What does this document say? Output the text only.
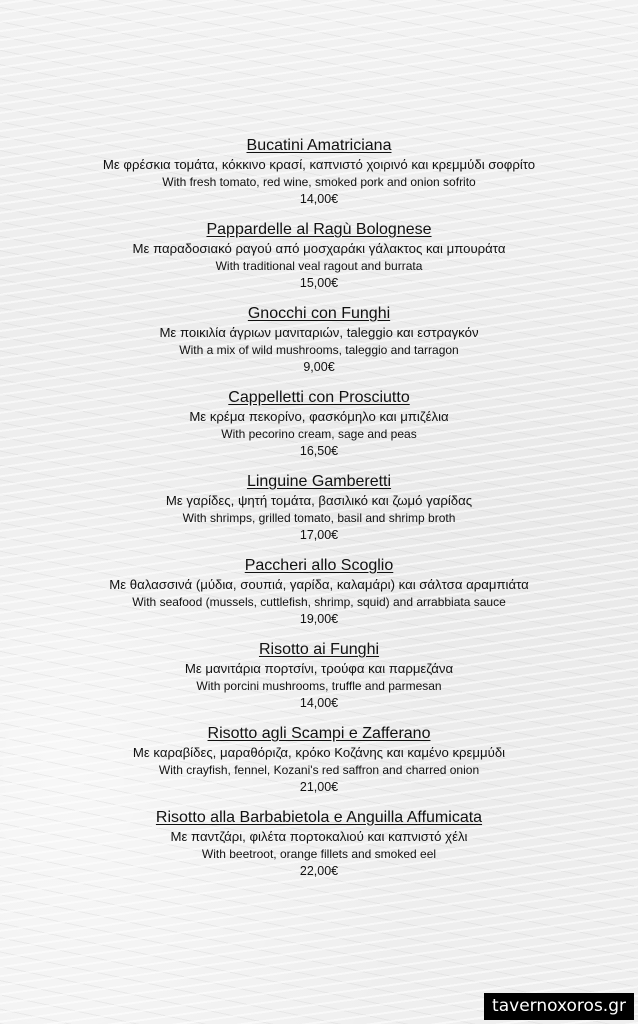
Bucatini Amatriciana
Με φρέσκια τομάτα, κόκκινο κρασί, καπνιστό χοιρινό και κρεμμύδι σοφρίτο
With fresh tomato, red wine, smoked pork and onion sofrito
14,00€
Pappardelle al Ragù Bolognese
Με παραδοσιακό ραγού από μοσχαράκι γάλακτος και μπουράτα
With traditional veal ragout and burrata
15,00€
Gnocchi con Funghi
Με ποικιλία άγριων μανιταριών, taleggio και εστραγκόν
With a mix of wild mushrooms, taleggio and tarragon
9,00€
Cappelletti con Prosciutto
Με κρέμα πεκορίνο, φασκόμηλο και μπιζέλια
With pecorino cream, sage and peas
16,50€
Linguine Gamberetti
Με γαρίδες, ψητή τομάτα, βασιλικό και ζωμό γαρίδας
With shrimps, grilled tomato, basil and shrimp broth
17,00€
Paccheri allo Scoglio
Με θαλασσινά (μύδια, σουπιά, γαρίδα, καλαμάρι) και σάλτσα αραμπιάτα
With seafood (mussels, cuttlefish, shrimp, squid) and arrabbiata sauce
19,00€
Risotto ai Funghi
Με μανιτάρια πορτσίνι, τρούφα και παρμεζάνα
With porcini mushrooms, truffle and parmesan
14,00€
Risotto agli Scampi e Zafferano
Με καραβίδες, μαραθόριζα, κρόκο Κοζάνης και καμένο κρεμμύδι
With crayfish, fennel, Kozani's red saffron and charred onion
21,00€
Risotto alla Barbabietola e Anguilla Affumicata
Με παντζάρι, φιλέτα πορτοκαλιού και καπνιστό χέλι
With beetroot, orange fillets and smoked eel
22,00€
tavernoxoros.gr
